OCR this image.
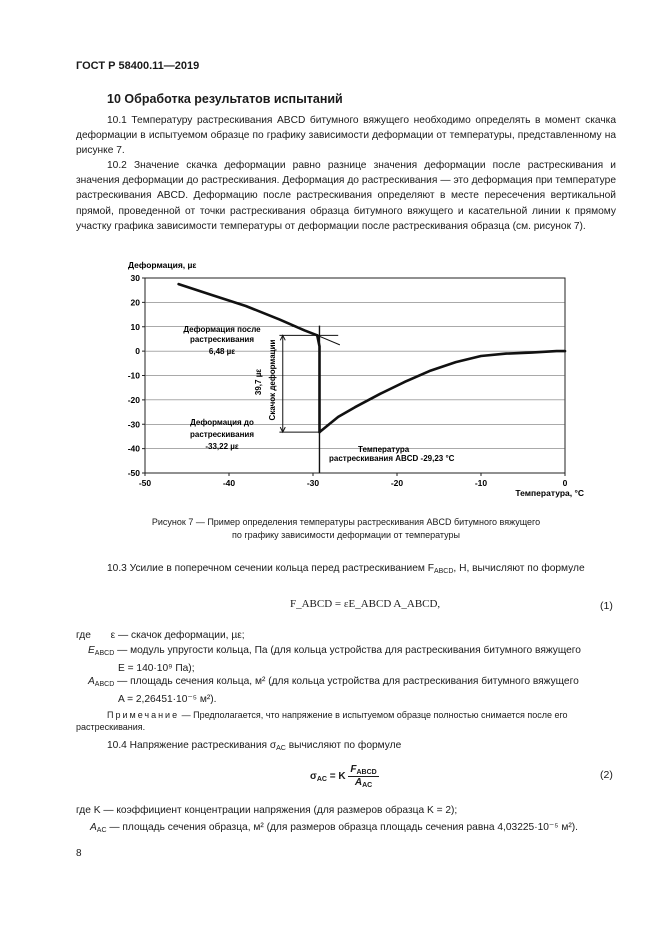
ГОСТ Р 58400.11—2019
10 Обработка результатов испытаний
10.1 Температуру растрескивания ABCD битумного вяжущего необходимо определять в момент скачка деформации в испытуемом образце по графику зависимости деформации от температуры, представленному на рисунке 7.
10.2 Значение скачка деформации равно разнице значения деформации после растрескивания и значения деформации до растрескивания. Деформация до растрескивания — это деформация при температуре растрескивания ABCD. Деформацию после растрескивания определяют в месте пересечения вертикальной прямой, проведенной от точки растрескивания образца битумного вяжущего и касательной линии к прямому участку графика зависимости температуры от деформации после растрескивания образца (см. рисунок 7).
Деформация, µε
Температура, °С
30
20
10
0
-10
-20
-30
-40
-50
-50	-40	-30	-20	-10	0
Деформация после
растрескивания
6,48 µε
Деформация до
растрескивания
-33,22 µε	Температура
растрескивания ABCD -29,23 °С
Скачок деформации
39,7 µε
Рисунок 7 — Пример определения температуры растрескивания ABCD битумного вяжущего
по графику зависимости деформации от температуры
10.3 Усилие в поперечном сечении кольца перед растрескиванием $F_{ABCD}$, Н, вычисляют по формуле
F_ABCD = εE_ABCD A_ABCD,	(1)
где ε — скачок деформации, µε;
$E_{ABCD}$ — модуль упругости кольца, Па (для кольца устройства для растрескивания битумного вяжущего
E = 140·10⁹ Па);
$A_{ABCD}$ — площадь сечения кольца, м² (для кольца устройства для растрескивания битумного вяжущего
A = 2,26451·10⁻⁵ м²).
Примечание — Предполагается, что напряжение в испытуемом образце полностью снимается после его растрескивания.
10.4 Напряжение растрескивания $\sigma_{AC}$ вычисляют по формуле
$\sigma_{AC} = K \frac{F_{ABCD}}{A_{AC}}$	(2)
где K — коэффициент концентрации напряжения (для размеров образца K = 2);
$A_{AC}$ — площадь сечения образца, м² (для размеров образца площадь сечения равна 4,03225·10⁻⁵ м²).
8
